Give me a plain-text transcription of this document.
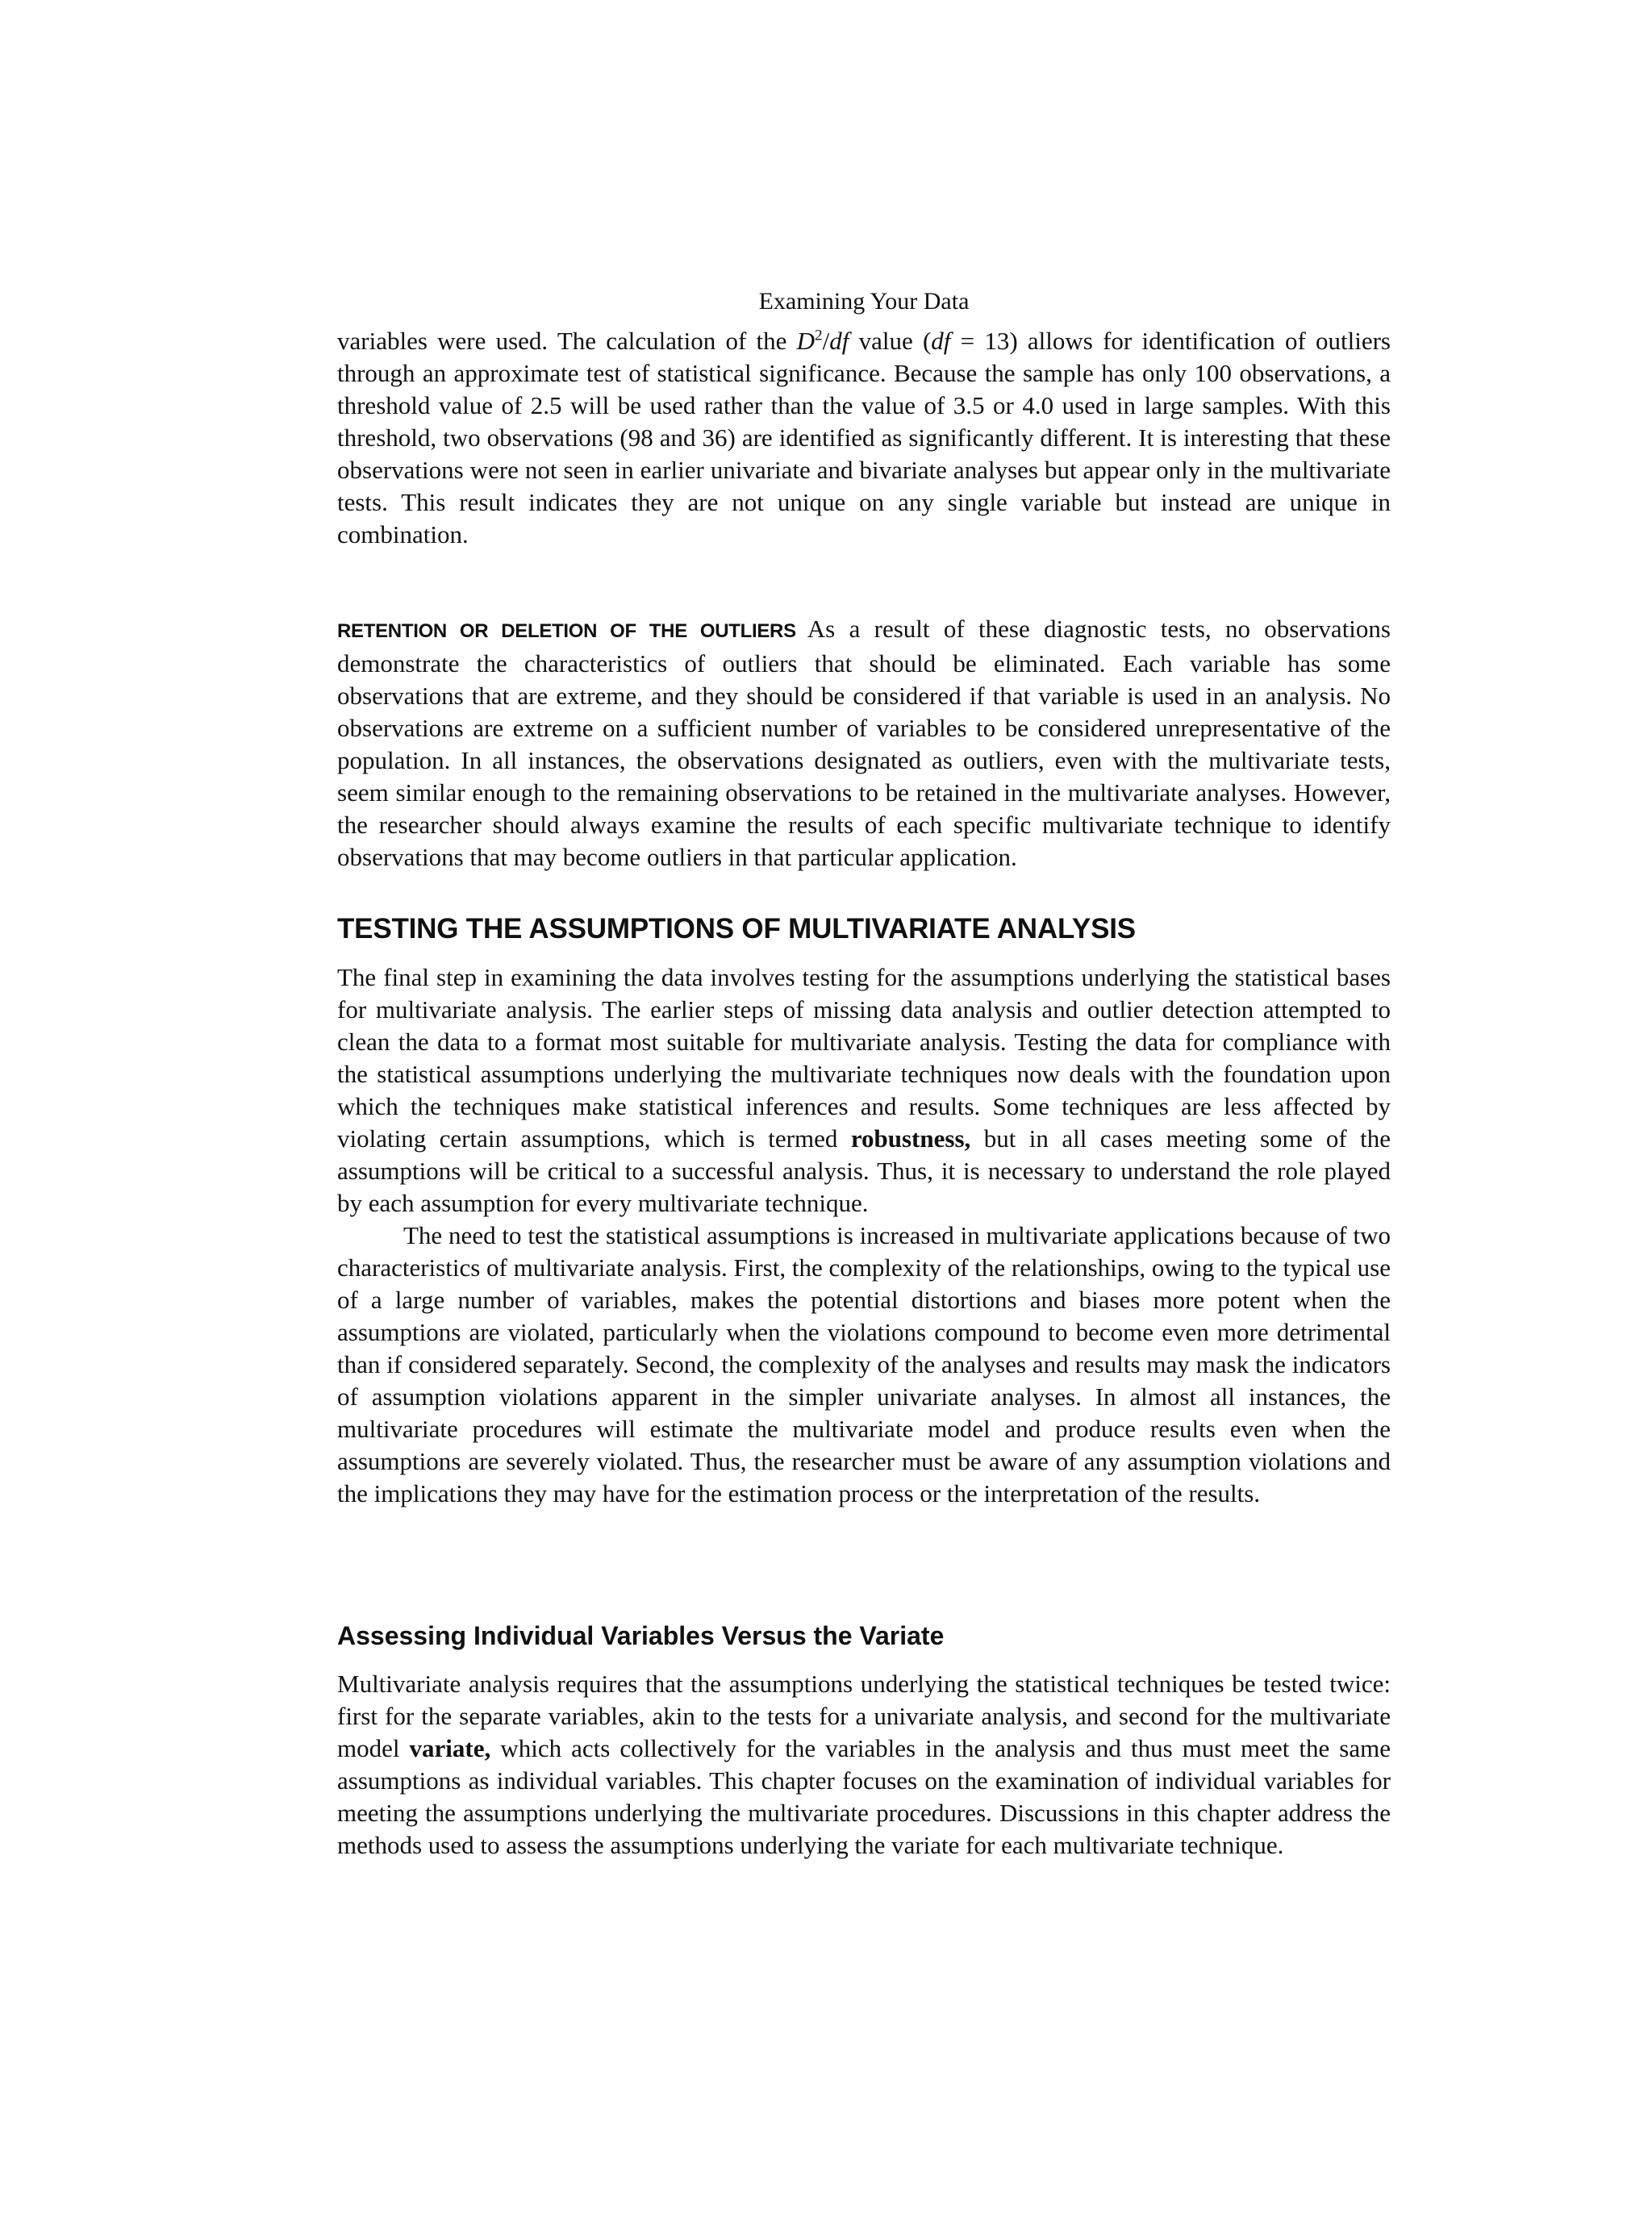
Examining Your Data

variables were used. The calculation of the $D^2/df$ value (df = 13) allows for identification of outliers through an approximate test of statistical significance. Because the sample has only 100 observations, a threshold value of 2.5 will be used rather than the value of 3.5 or 4.0 used in large samples. With this threshold, two observations (98 and 36) are identified as significantly different. It is interesting that these observations were not seen in earlier univariate and bivariate analyses but appear only in the multivariate tests. This result indicates they are not unique on any single variable but instead are unique in combination.

RETENTION OR DELETION OF THE OUTLIERS As a result of these diagnostic tests, no observations demonstrate the characteristics of outliers that should be eliminated. Each variable has some observations that are extreme, and they should be considered if that variable is used in an analysis. No observations are extreme on a sufficient number of variables to be considered unrepresentative of the population. In all instances, the observations designated as outliers, even with the multivariate tests, seem similar enough to the remaining observations to be retained in the multivariate analyses. However, the researcher should always examine the results of each specific multivariate technique to identify observations that may become outliers in that particular application.

TESTING THE ASSUMPTIONS OF MULTIVARIATE ANALYSIS

The final step in examining the data involves testing for the assumptions underlying the statistical bases for multivariate analysis. The earlier steps of missing data analysis and outlier detection attempted to clean the data to a format most suitable for multivariate analysis. Testing the data for compliance with the statistical assumptions underlying the multivariate techniques now deals with the foundation upon which the techniques make statistical inferences and results. Some techniques are less affected by violating certain assumptions, which is termed robustness, but in all cases meeting some of the assumptions will be critical to a successful analysis. Thus, it is necessary to understand the role played by each assumption for every multivariate technique.

The need to test the statistical assumptions is increased in multivariate applications because of two characteristics of multivariate analysis. First, the complexity of the relationships, owing to the typical use of a large number of variables, makes the potential distortions and biases more potent when the assumptions are violated, particularly when the violations compound to become even more detrimental than if considered separately. Second, the complexity of the analyses and results may mask the indicators of assumption violations apparent in the simpler univariate analyses. In almost all instances, the multivariate procedures will estimate the multivariate model and produce results even when the assumptions are severely violated. Thus, the researcher must be aware of any assumption violations and the implications they may have for the estimation process or the interpretation of the results.

Assessing Individual Variables Versus the Variate

Multivariate analysis requires that the assumptions underlying the statistical techniques be tested twice: first for the separate variables, akin to the tests for a univariate analysis, and second for the multivariate model variate, which acts collectively for the variables in the analysis and thus must meet the same assumptions as individual variables. This chapter focuses on the examination of individual variables for meeting the assumptions underlying the multivariate procedures. Discussions in this chapter address the methods used to assess the assumptions underlying the variate for each multivariate technique.
